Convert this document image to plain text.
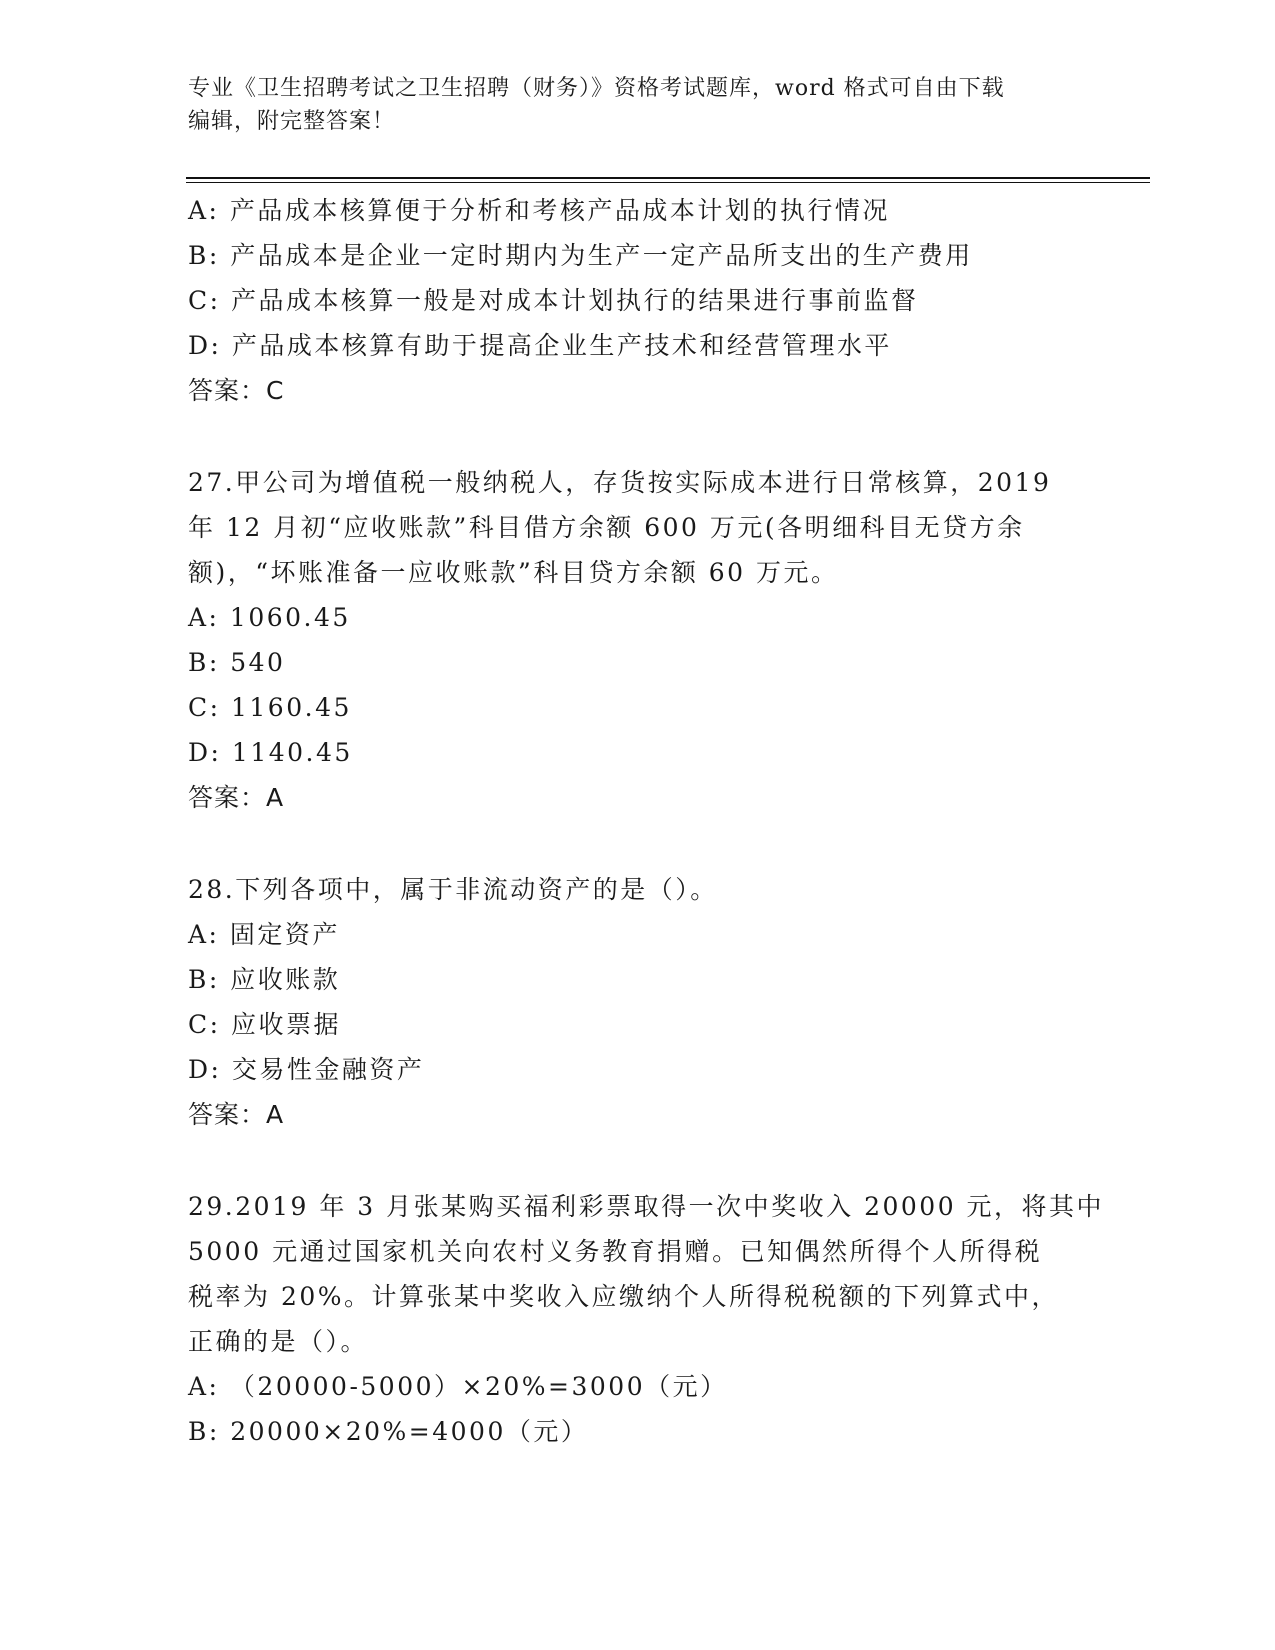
专业《卫生招聘考试之卫生招聘（财务）》资格考试题库，word 格式可自由下载
编辑，附完整答案！
A: 产品成本核算便于分析和考核产品成本计划的执行情况
B: 产品成本是企业一定时期内为生产一定产品所支出的生产费用
C: 产品成本核算一般是对成本计划执行的结果进行事前监督
D: 产品成本核算有助于提高企业生产技术和经营管理水平
答案：C
27.甲公司为增值税一般纳税人，存货按实际成本进行日常核算，2019
年 12 月初“应收账款”科目借方余额 600 万元(各明细科目无贷方余
额)，“坏账准备一应收账款”科目贷方余额 60 万元。
A: 1060.45
B: 540
C: 1160.45
D: 1140.45
答案：A
28.下列各项中，属于非流动资产的是（）。
A: 固定资产
B: 应收账款
C: 应收票据
D: 交易性金融资产
答案：A
29.2019 年 3 月张某购买福利彩票取得一次中奖收入 20000 元，将其中
5000 元通过国家机关向农村义务教育捐赠。已知偶然所得个人所得税
税率为 20%。计算张某中奖收入应缴纳个人所得税税额的下列算式中，
正确的是（）。
A: （20000-5000）×20%=3000（元）
B: 20000×20%=4000（元）
